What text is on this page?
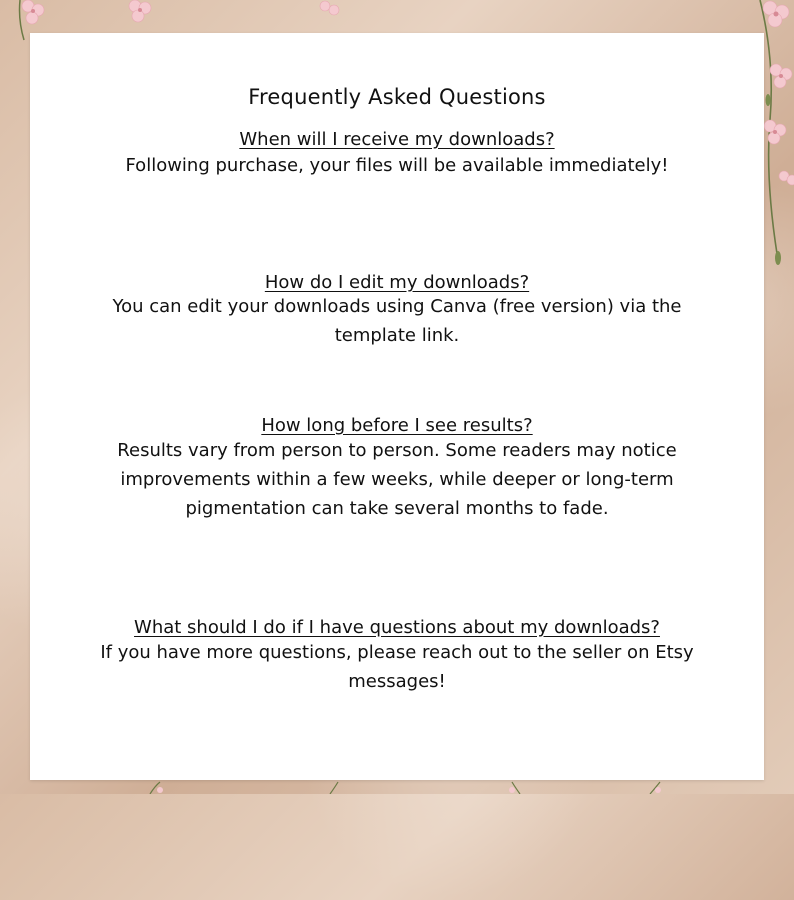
Frequently Asked Questions
When will I receive my downloads?
Following purchase, your files will be available immediately!
How do I edit my downloads?
You can edit your downloads using Canva (free version) via the template link.
How long before I see results?
Results vary from person to person. Some readers may notice improvements within a few weeks, while deeper or long-term pigmentation can take several months to fade.
What should I do if I have questions about my downloads?
If you have more questions, please reach out to the seller on Etsy messages!
